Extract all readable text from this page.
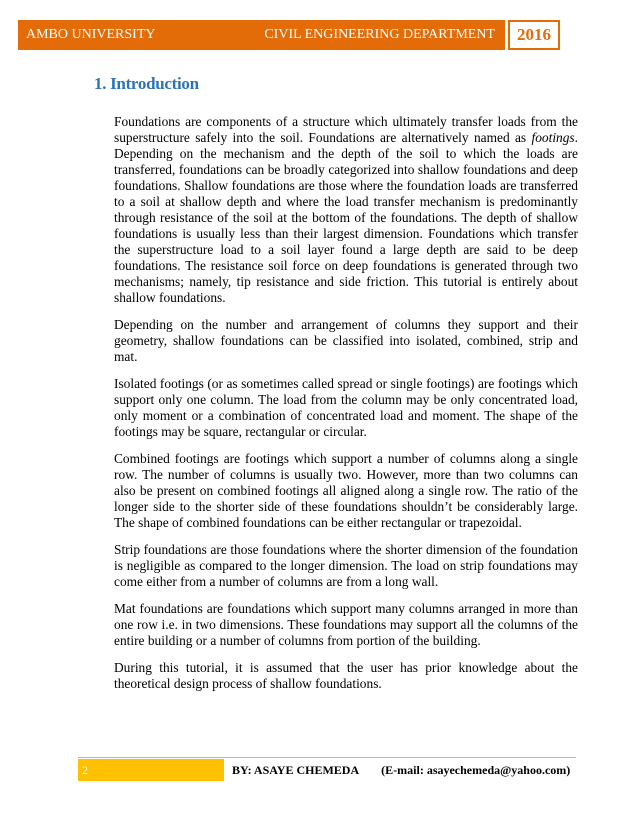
AMBO UNIVERSITY	CIVIL ENGINEERING DEPARTMENT	2016
1. Introduction

Foundations are components of a structure which ultimately transfer loads from the superstructure safely into the soil. Foundations are alternatively named as footings. Depending on the mechanism and the depth of the soil to which the loads are transferred, foundations can be broadly categorized into shallow foundations and deep foundations. Shallow foundations are those where the foundation loads are transferred to a soil at shallow depth and where the load transfer mechanism is predominantly through resistance of the soil at the bottom of the foundations. The depth of shallow foundations is usually less than their largest dimension. Foundations which transfer the superstructure load to a soil layer found a large depth are said to be deep foundations. The resistance soil force on deep foundations is generated through two mechanisms; namely, tip resistance and side friction. This tutorial is entirely about shallow foundations.

Depending on the number and arrangement of columns they support and their geometry, shallow foundations can be classified into isolated, combined, strip and mat.

Isolated footings (or as sometimes called spread or single footings) are footings which support only one column. The load from the column may be only concentrated load, only moment or a combination of concentrated load and moment. The shape of the footings may be square, rectangular or circular.

Combined footings are footings which support a number of columns along a single row. The number of columns is usually two. However, more than two columns can also be present on combined footings all aligned along a single row. The ratio of the longer side to the shorter side of these foundations shouldn’t be considerably large. The shape of combined foundations can be either rectangular or trapezoidal.

Strip foundations are those foundations where the shorter dimension of the foundation is negligible as compared to the longer dimension. The load on strip foundations may come either from a number of columns are from a long wall.

Mat foundations are foundations which support many columns arranged in more than one row i.e. in two dimensions. These foundations may support all the columns of the entire building or a number of columns from portion of the building.

During this tutorial, it is assumed that the user has prior knowledge about the theoretical design process of shallow foundations.

2	BY: ASAYE CHEMEDA (E-mail: asayechemeda@yahoo.com)
